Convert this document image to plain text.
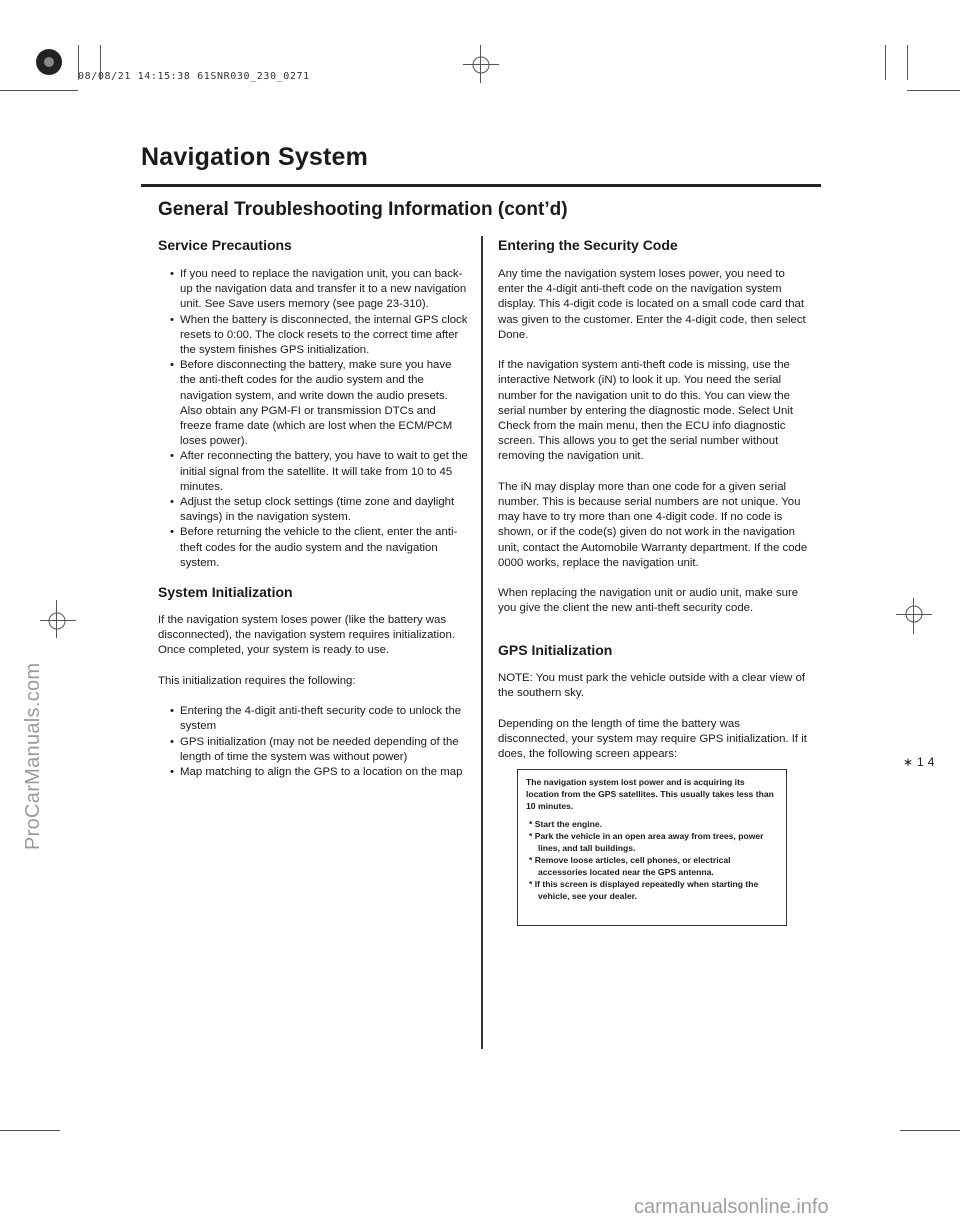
08/08/21 14:15:38 61SNR030_230_0271
ProCarManuals.com
carmanualsonline.info
Navigation System
General Troubleshooting Information (cont’d)
Service Precautions
• If you need to replace the navigation unit, you can back-up the navigation data and transfer it to a new navigation unit. See Save users memory (see page 23-310).
• When the battery is disconnected, the internal GPS clock resets to 0:00. The clock resets to the correct time after the system finishes GPS initialization.
• Before disconnecting the battery, make sure you have the anti-theft codes for the audio system and the navigation system, and write down the audio presets. Also obtain any PGM-FI or transmission DTCs and freeze frame date (which are lost when the ECM/PCM loses power).
• After reconnecting the battery, you have to wait to get the initial signal from the satellite. It will take from 10 to 45 minutes.
• Adjust the setup clock settings (time zone and daylight savings) in the navigation system.
• Before returning the vehicle to the client, enter the anti-theft codes for the audio system and the navigation system.
System Initialization

If the navigation system loses power (like the battery was disconnected), the navigation system requires initialization. Once completed, your system is ready to use.

This initialization requires the following:

• Entering the 4-digit anti-theft security code to unlock the system
• GPS initialization (may not be needed depending of the length of time the system was without power)
• Map matching to align the GPS to a location on the map
Entering the Security Code

Any time the navigation system loses power, you need to enter the 4-digit anti-theft code on the navigation system display. This 4-digit code is located on a small code card that was given to the customer. Enter the 4-digit code, then select Done.

If the navigation system anti-theft code is missing, use the interactive Network (iN) to look it up. You need the serial number for the navigation unit to do this. You can view the serial number by entering the diagnostic mode. Select Unit Check from the main menu, then the ECU info diagnostic screen. This allows you to get the serial number without removing the navigation unit.

The iN may display more than one code for a given serial number. This is because serial numbers are not unique. You may have to try more than one 4-digit code. If no code is shown, or if the code(s) given do not work in the navigation unit, contact the Automobile Warranty department. If the code 0000 works, replace the navigation unit.

When replacing the navigation unit or audio unit, make sure you give the client the new anti-theft security code.

GPS Initialization

NOTE: You must park the vehicle outside with a clear view of the southern sky.

Depending on the length of time the battery was disconnected, your system may require GPS initialization. If it does, the following screen appears:

The navigation system lost power and is acquiring its location from the GPS satellites. This usually takes less than 10 minutes.
* Start the engine.
* Park the vehicle in an open area away from trees, power lines, and tall buildings.
* Remove loose articles, cell phones, or electrical accessories located near the GPS antenna.
* If this screen is displayed repeatedly when starting the vehicle, see your dealer.
∗14
